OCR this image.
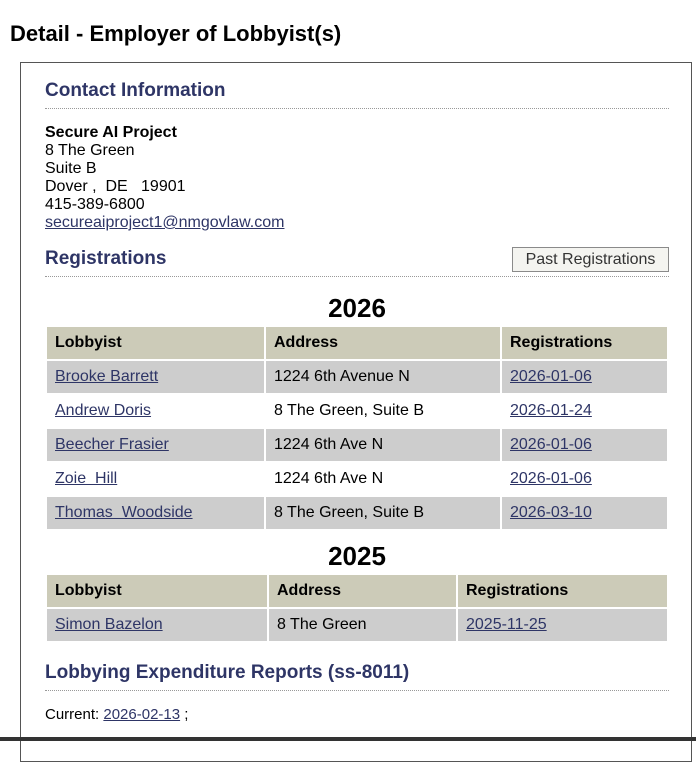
Detail - Employer of Lobbyist(s)
Contact Information
Secure AI Project
8 The Green
Suite B
Dover ,  DE   19901
415-389-6800
secureaiproject1@nmgovlaw.com
Registrations	Past Registrations
2026
Lobbyist	Address	Registrations
Brooke Barrett	1224 6th Avenue N	2026-01-06
Andrew Doris	8 The Green, Suite B	2026-01-24
Beecher Frasier	1224 6th Ave N	2026-01-06
Zoie  Hill	1224 6th Ave N	2026-01-06
Thomas  Woodside	8 The Green, Suite B	2026-03-10
2025
Lobbyist	Address	Registrations
Simon Bazelon	8 The Green	2025-11-25
Lobbying Expenditure Reports (ss-8011)
Current: 2026-02-13 ;
